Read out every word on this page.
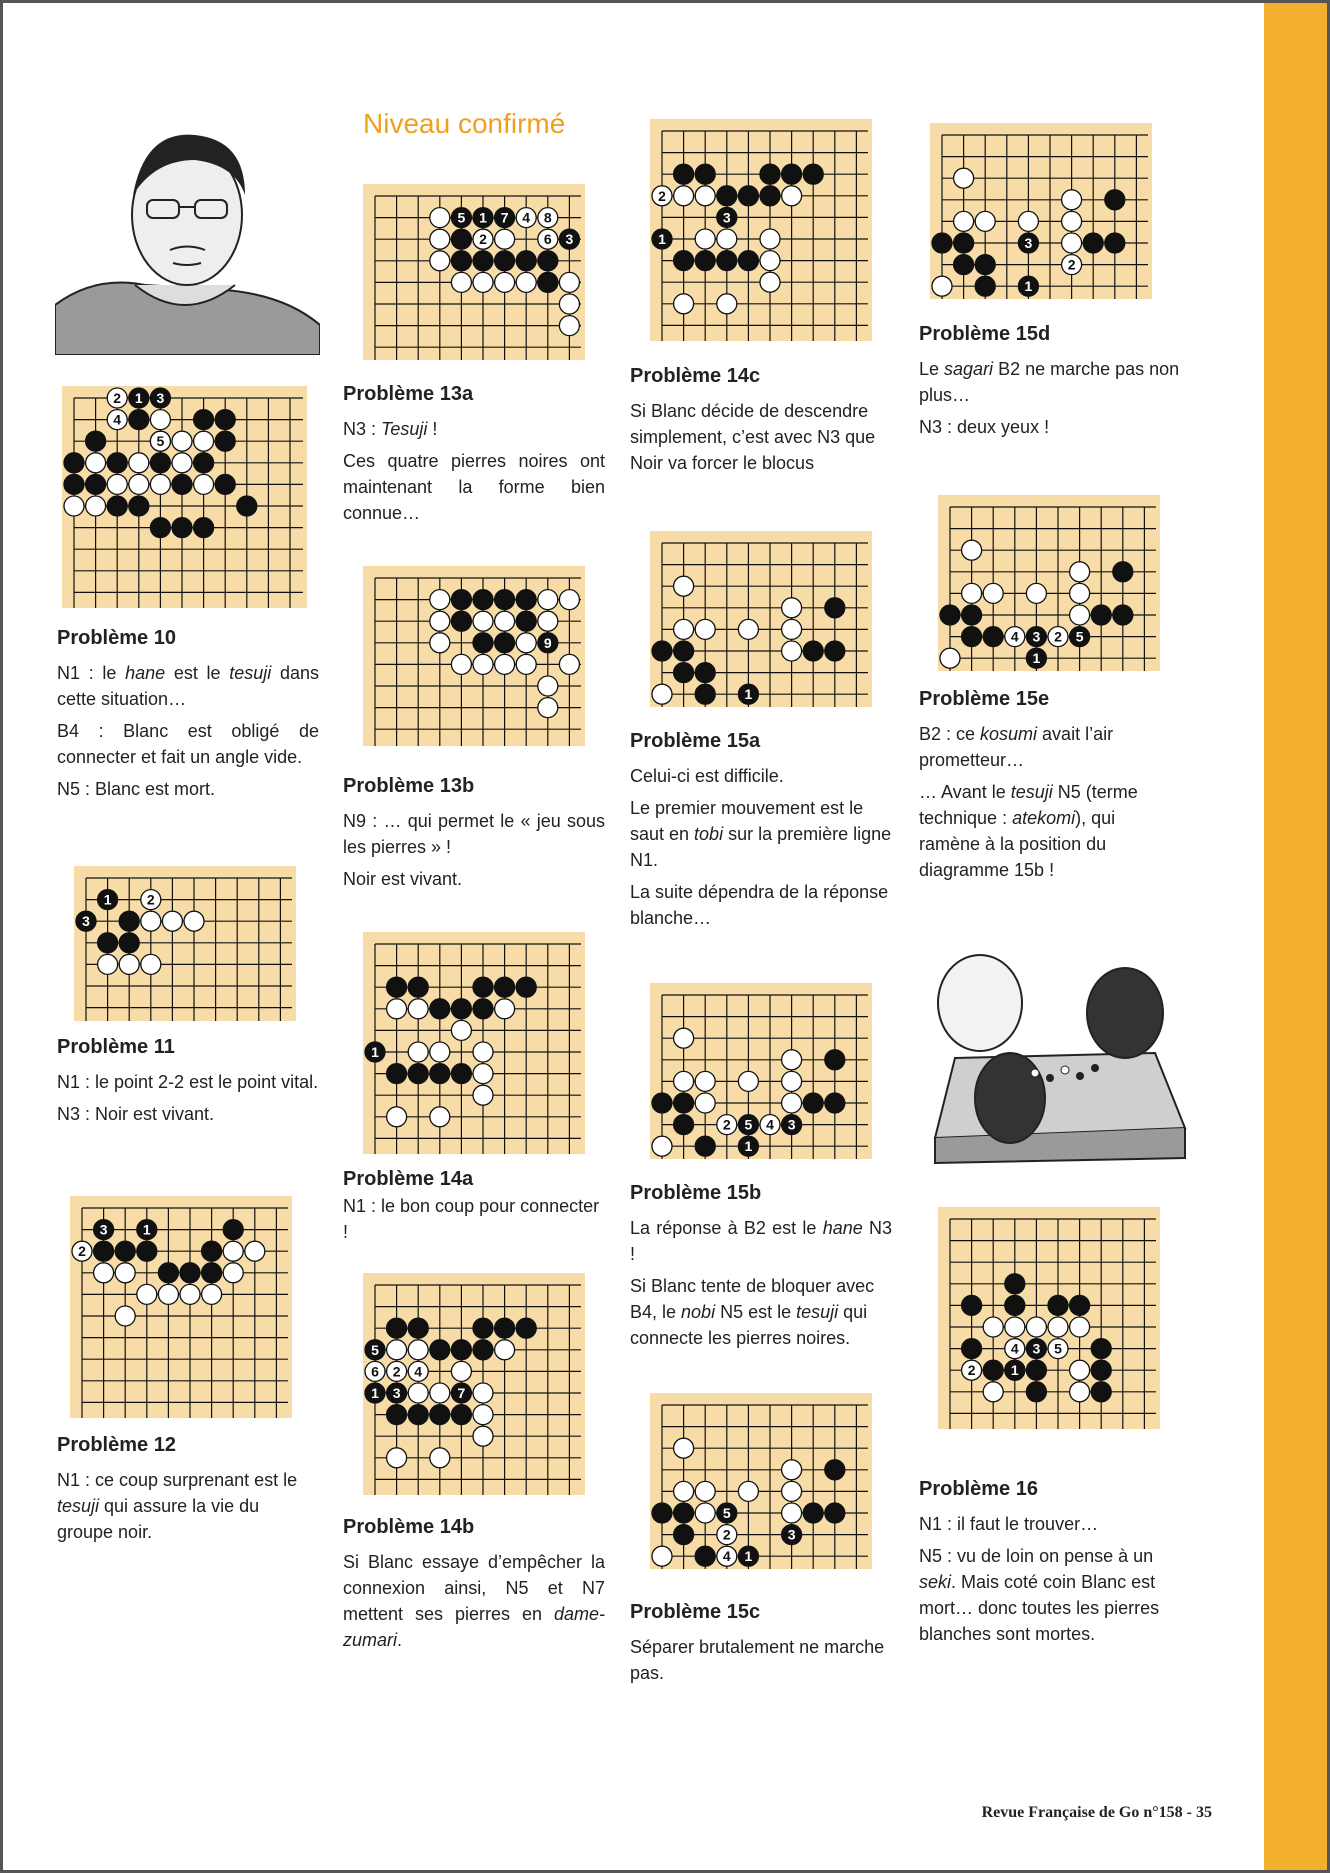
Niveau confirmé
2 1 3
4
5
1	2
3
3	1
2
5 1 7 4 8
2	6 3
9
1
5
6 2 4
1 3	7
2
3
1
1
2 5 4 3
1
5
2	3
4 1
3
2
1
4 3 2 5
1
4 3 5
2	1
Problème 10

N1 : le hane est le tesuji dans cette situation…

B4 : Blanc est obligé de connecter et fait un angle vide.

N5 : Blanc est mort.

Problème 11

N1 : le point 2-2 est le point vital.

N3 : Noir est vivant.

Problème 12

N1 : ce coup surprenant est le tesuji qui assure la vie du groupe noir.

Problème 13a

N3 : Tesuji !

Ces quatre pierres noires ont maintenant la forme bien connue…

Problème 13b

N9 : … qui permet le « jeu sous les pierres » !

Noir est vivant.

Problème 14a

N1 : le bon coup pour connecter !

Problème 14b

Si Blanc essaye d’empêcher la connexion ainsi, N5 et N7 mettent ses pierres en dame-zumari.

Problème 14c

Si Blanc décide de descendre simplement, c’est avec N3 que Noir va forcer le blocus

Problème 15a

Celui-ci est difficile.

Le premier mouvement est le saut en tobi sur la première ligne N1.

La suite dépendra de la réponse blanche…

Problème 15b

La réponse à B2 est le hane N3 !

Si Blanc tente de bloquer avec B4, le nobi N5 est le tesuji qui connecte les pierres noires.

Problème 15c

Séparer brutalement ne marche pas.

Problème 15d

Le sagari B2 ne marche pas non plus…

N3 : deux yeux !

Problème 15e

B2 : ce kosumi avait l’air prometteur…

… Avant le tesuji N5 (terme technique : atekomi), qui ramène à la position du diagramme 15b !

Problème 16

N1 : il faut le trouver…

N5 : vu de loin on pense à un seki. Mais coté coin Blanc est mort… donc toutes les pierres blanches sont mortes.

Revue Française de Go n°158 - 35
